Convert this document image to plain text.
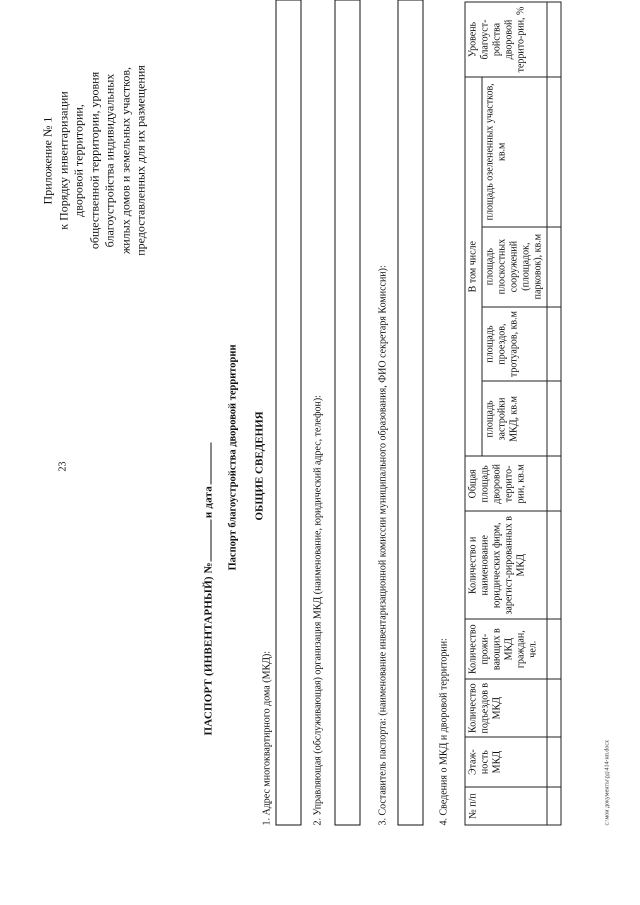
23
Приложение № 1 к Порядку инвентаризации дворовой территории, общественной территории, уровня благоустройства индивидуальных жилых домов и земельных участков, предоставленных для их размещения
ПАСПОРТ (ИНВЕНТАРНЫЙ) №и дата Паспорт благоустройства дворовой территории ОБЩИЕ СВЕДЕНИЯ
1. Адрес многоквартирного дома (МКД):
2. Управляющая (обслуживающая) организация МКД (наименование, юридический адрес, телефон):
3. Составитель паспорта: (наименование инвентаризационной комиссии муниципального образования, ФИО секретаря Комиссии):
4. Сведения о МКД и дворовой территории: № п/п	Этаж-ность МКД	Количество подъездов в МКД	Количество прожи-вающих в МКД граждан, чел.	Количество и наименование юридических фирм, зарегист-рированных в МКД	Общая площадь дворовой террито-рии, кв.м	В том числе				Уровень благоуст-ройства дворовой террито-рии, %
						площадь застройки МКД, кв.м	площадь проездов, тротуаров, кв.м	площадь плоскостных сооружений (площадок, парковок), кв.м	площадь озелененных участков, кв.м	

c:\мои документы\рд\414-нп.docx
